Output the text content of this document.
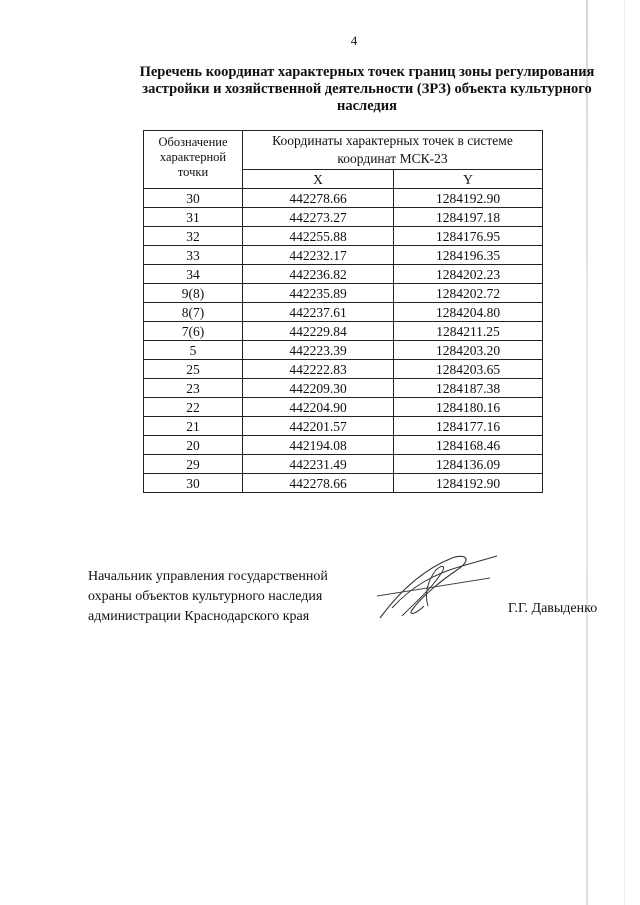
4
Перечень координат характерных точек границ зоны регулирования
застройки и хозяйственной деятельности (ЗРЗ) объекта культурного
наследия
Обозначение
характерной
точки	Координаты характерных точек в системе
координат МСК-23	
	X	Y
30	442278.66	1284192.90
31	442273.27	1284197.18
32	442255.88	1284176.95
33	442232.17	1284196.35
34	442236.82	1284202.23
9(8)	442235.89	1284202.72
8(7)	442237.61	1284204.80
7(6)	442229.84	1284211.25
5	442223.39	1284203.20
25	442222.83	1284203.65
23	442209.30	1284187.38
22	442204.90	1284180.16
21	442201.57	1284177.16
20	442194.08	1284168.46
29	442231.49	1284136.09
30	442278.66	1284192.90
Начальник управления государственной
охраны объектов культурного наследия
администрации Краснодарского края
Г.Г. Давыденко
